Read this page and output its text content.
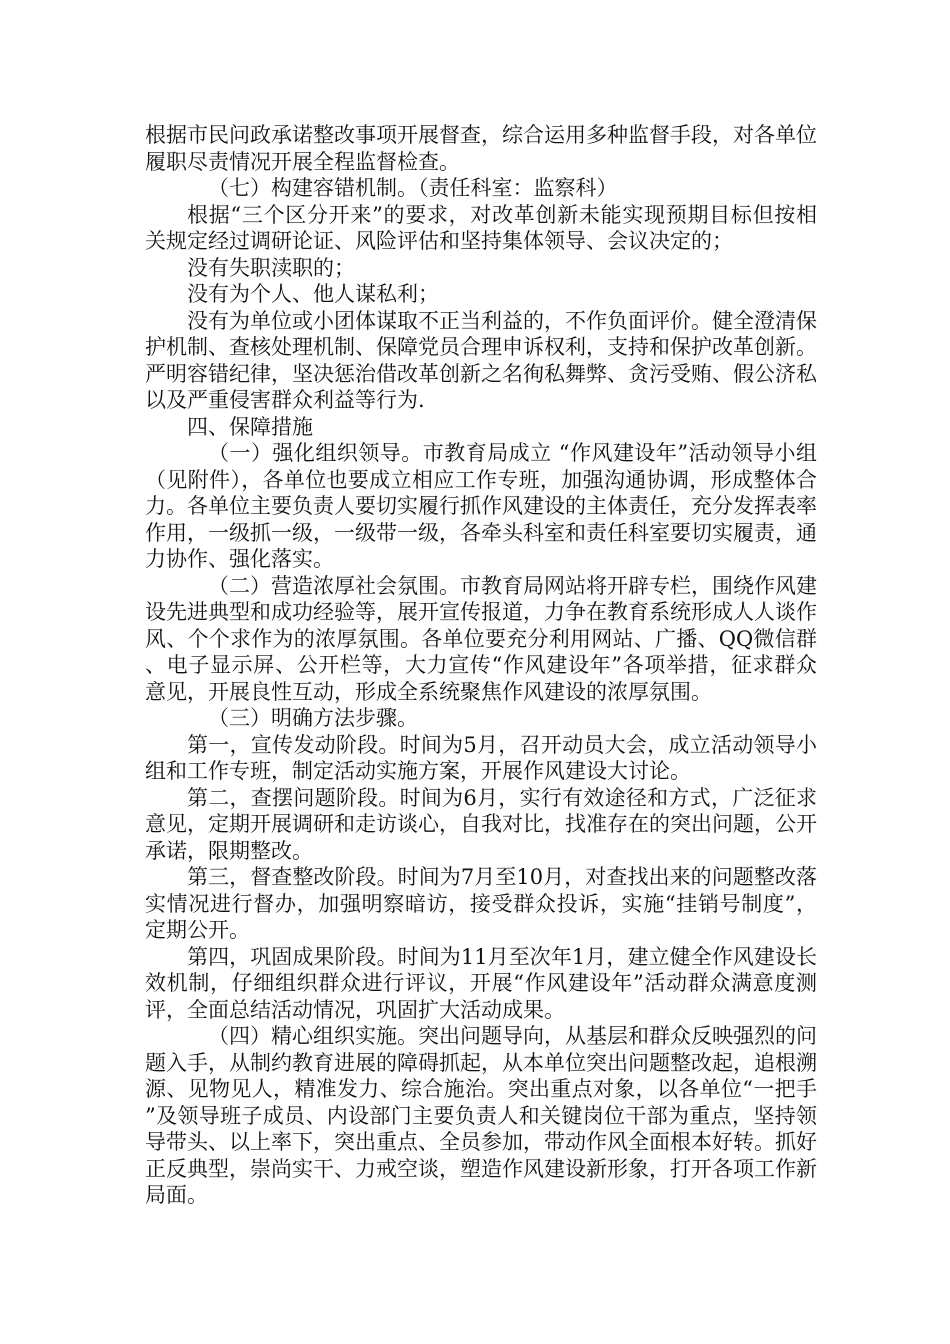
根据市民问政承诺整改事项开展督查，综合运用多种监督手段，对各单位履职尽责情况开展全程监督检查。

（七）构建容错机制。（责任科室：监察科）

根据“三个区分开来”的要求，对改革创新未能实现预期目标但按相关规定经过调研论证、风险评估和坚持集体领导、会议决定的；

没有失职渎职的；

没有为个人、他人谋私利；

没有为单位或小团体谋取不正当利益的，不作负面评价。健全澄清保护机制、查核处理机制、保障党员合理申诉权利，支持和保护改革创新。严明容错纪律，坚决惩治借改革创新之名徇私舞弊、贪污受贿、假公济私以及严重侵害群众利益等行为.

四、保障措施

（一）强化组织领导。市教育局成立 “作风建设年”活动领导小组（见附件），各单位也要成立相应工作专班，加强沟通协调，形成整体合力。各单位主要负责人要切实履行抓作风建设的主体责任，充分发挥表率作用，一级抓一级，一级带一级，各牵头科室和责任科室要切实履责，通力协作、强化落实。

（二）营造浓厚社会氛围。市教育局网站将开辟专栏，围绕作风建设先进典型和成功经验等，展开宣传报道，力争在教育系统形成人人谈作风、个个求作为的浓厚氛围。各单位要充分利用网站、广播、QQ微信群、电子显示屏、公开栏等，大力宣传“作风建设年”各项举措，征求群众意见，开展良性互动，形成全系统聚焦作风建设的浓厚氛围。

（三）明确方法步骤。

第一，宣传发动阶段。时间为5月，召开动员大会，成立活动领导小组和工作专班，制定活动实施方案，开展作风建设大讨论。

第二，查摆问题阶段。时间为6月，实行有效途径和方式，广泛征求意见，定期开展调研和走访谈心，自我对比，找准存在的突出问题，公开承诺，限期整改。

第三，督查整改阶段。时间为7月至10月，对查找出来的问题整改落实情况进行督办，加强明察暗访，接受群众投诉，实施“挂销号制度”，定期公开。

第四，巩固成果阶段。时间为11月至次年1月，建立健全作风建设长效机制，仔细组织群众进行评议，开展“作风建设年”活动群众满意度测评，全面总结活动情况，巩固扩大活动成果。

（四）精心组织实施。突出问题导向，从基层和群众反映强烈的问题入手，从制约教育进展的障碍抓起，从本单位突出问题整改起，追根溯源、见物见人，精准发力、综合施治。突出重点对象，以各单位“一把手”及领导班子成员、内设部门主要负责人和关键岗位干部为重点，坚持领导带头、以上率下，突出重点、全员参加，带动作风全面根本好转。抓好正反典型，崇尚实干、力戒空谈，塑造作风建设新形象，打开各项工作新局面。
